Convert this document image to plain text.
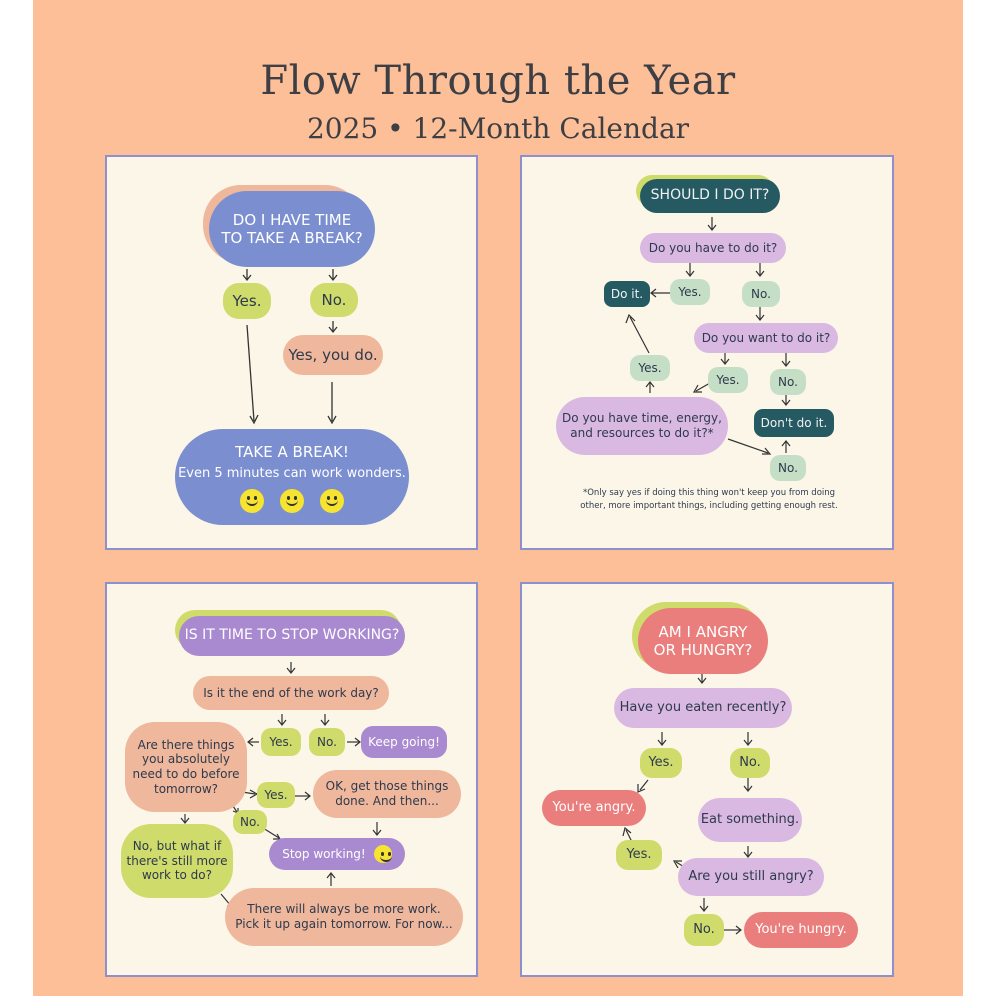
Flow Through the Year
2025 • 12-Month Calendar
DO I HAVE TIME
TO TAKE A BREAK?
Yes.	No.
Yes, you do.
TAKE A BREAK!
Even 5 minutes can work wonders.
SHOULD I DO IT?
Do you have to do it?
Do it.	Yes.	No.
Do you want to do it?
Yes.
Yes.	No.
Do you have time, energy,
and resources to do it?*
Don't do it.
No.
*Only say yes if doing this thing won't keep you from doing
other, more important things, including getting enough rest.
IS IT TIME TO STOP WORKING?
Is it the end of the work day?
Are there things
you absolutely
need to do before
tomorrow?
Yes.	No.	Keep going!
Yes.
OK, get those things
done. And then...
No.
No, but what if
there's still more
work to do?
Stop working!
There will always be more work.
Pick it up again tomorrow. For now...
AM I ANGRY
OR HUNGRY?
Have you eaten recently?
Yes.	No.
You're angry.
Eat something.
Yes.
Are you still angry?
No.	You're hungry.
